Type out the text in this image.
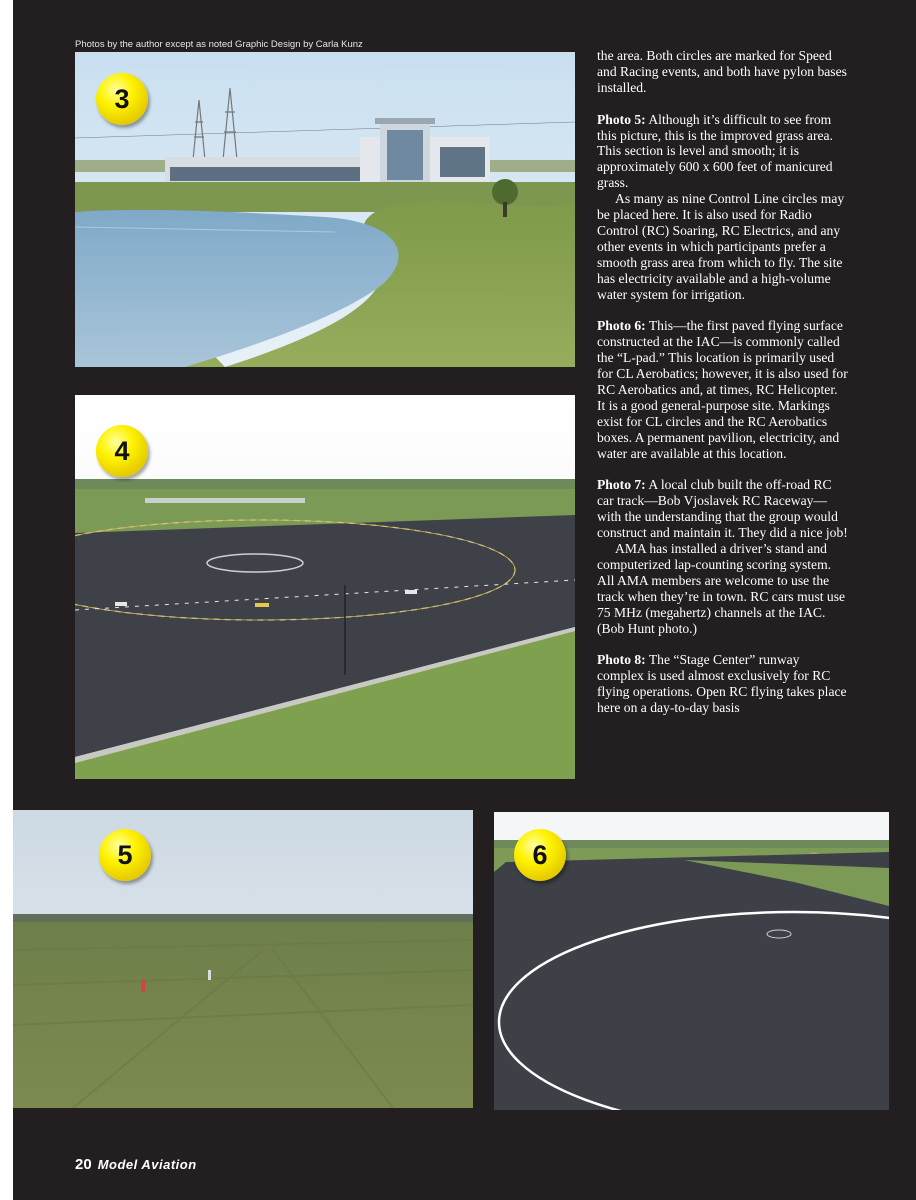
Photos by the author except as noted Graphic Design by Carla Kunz
3
4
5	6

the area. Both circles are marked for Speed and Racing events, and both have pylon bases installed.

Photo 5: Although it’s difficult to see from this picture, this is the improved grass area. This section is level and smooth; it is approximately 600 x 600 feet of manicured grass.

As many as nine Control Line circles may be placed here. It is also used for Radio Control (RC) Soaring, RC Electrics, and any other events in which participants prefer a smooth grass area from which to fly. The site has electricity available and a high-volume water system for irrigation.

Photo 6: This—the first paved flying surface constructed at the IAC—is commonly called the “L-pad.” This location is primarily used for CL Aerobatics; however, it is also used for RC Aerobatics and, at times, RC Helicopter. It is a good general-purpose site. Markings exist for CL circles and the RC Aerobatics boxes. A permanent pavilion, electricity, and water are available at this location.

Photo 7: A local club built the off-road RC car track—Bob Vjoslavek RC Raceway—with the understanding that the group would construct and maintain it. They did a nice job!

AMA has installed a driver’s stand and computerized lap-counting scoring system. All AMA members are welcome to use the track when they’re in town. RC cars must use 75 MHz (megahertz) channels at the IAC. (Bob Hunt photo.)

Photo 8: The “Stage Center” runway complex is used almost exclusively for RC flying operations. Open RC flying takes place here on a day-to-day basis

20 Model Aviation
